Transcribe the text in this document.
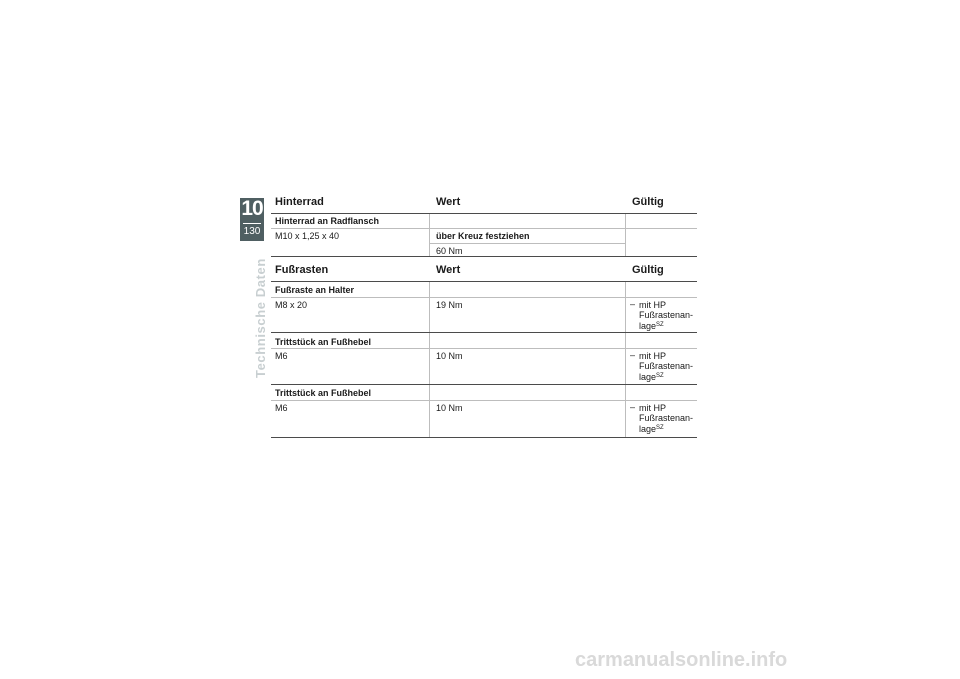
10
130
Technische Daten
Hinterrad	Wert	Gültig
Hinterrad an Radflansch
M10 x 1,25 x 40	über Kreuz festziehen
60 Nm
Fußrasten	Wert	Gültig
Fußraste an Halter
M8 x 20	19 Nm	– mit HP
Fußrastenan-
lage$^{SZ}$
Trittstück an Fußhebel
M6	10 Nm	– mit HP
Fußrastenan-
lage$^{SZ}$
Trittstück an Fußhebel
M6	10 Nm	– mit HP
Fußrastenan-
lage$^{SZ}$
carmanualsonline.info
